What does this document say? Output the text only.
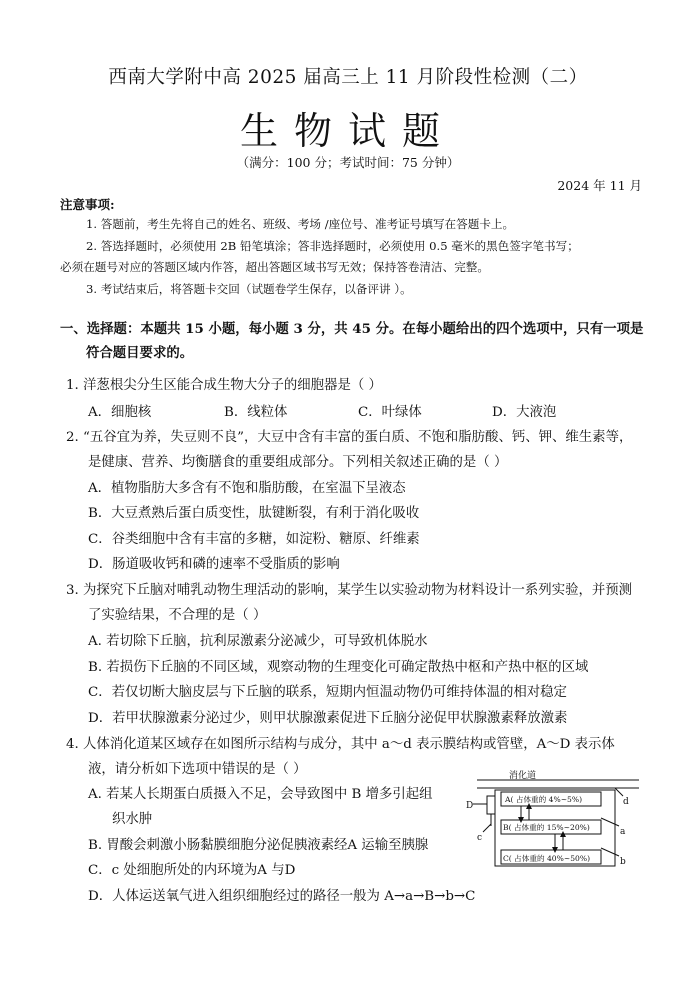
西南大学附中高 2025 届高三上 11 月阶段性检测（二）
生物试题
（满分：100 分；考试时间：75 分钟）
2024 年 11 月
注意事项:
1. 答题前，考生先将自己的姓名、班级、考场 /座位号、准考证号填写在答题卡上。
2. 答选择题时，必须使用 2B 铅笔填涂；答非选择题时，必须使用 0.5 毫米的黑色签字笔书写；
必须在题号对应的答题区域内作答，超出答题区域书写无效；保持答卷清洁、完整。
3. 考试结束后，将答题卡交回（试题卷学生保存，以备评讲 ）。
一、选择题：本题共 15 小题，每小题 3 分，共 45 分。在每小题给出的四个选项中，只有一项是
符合题目要求的。
1. 洋葱根尖分生区能合成生物大分子的细胞器是（ ）
A．细胞核	B．线粒体	C．叶绿体	D．大液泡
2. “五谷宜为养，失豆则不良”，大豆中含有丰富的蛋白质、不饱和脂肪酸、钙、钾、维生素等，
是健康、营养、均衡膳食的重要组成部分。下列相关叙述正确的是（ ）
A．植物脂肪大多含有不饱和脂肪酸，在室温下呈液态
B．大豆煮熟后蛋白质变性，肽键断裂，有利于消化吸收
C．谷类细胞中含有丰富的多糖，如淀粉、糖原、纤维素
D．肠道吸收钙和磷的速率不受脂质的影响
3. 为探究下丘脑对哺乳动物生理活动的影响，某学生以实验动物为材料设计一系列实验，并预测
了实验结果，不合理的是（ ）
A. 若切除下丘脑，抗利尿激素分泌减少，可导致机体脱水
B. 若损伤下丘脑的不同区域，观察动物的生理变化可确定散热中枢和产热中枢的区域
C．若仅切断大脑皮层与下丘脑的联系，短期内恒温动物仍可维持体温的相对稳定
D．若甲状腺激素分泌过少，则甲状腺激素促进下丘脑分泌促甲状腺激素释放激素
4. 人体消化道某区域存在如图所示结构与成分，其中 a～d 表示膜结构或管壁，A～D 表示体
液，请分析如下选项中错误的是（ ）
A. 若某人长期蛋白质摄入不足，会导致图中 B 增多引起组
织水肿
B. 胃酸会刺激小肠黏膜细胞分泌促胰液素经A 运输至胰腺
C．c 处细胞所处的内环境为A 与D
D．人体运送氧气进入组织细胞经过的路径一般为 A→a→B→b→C
消化道
A( 占体重的 4%~5%)
B( 占体重的 15%~20%)
C( 占体重的 40%~50%)
D
c
d
a
b
